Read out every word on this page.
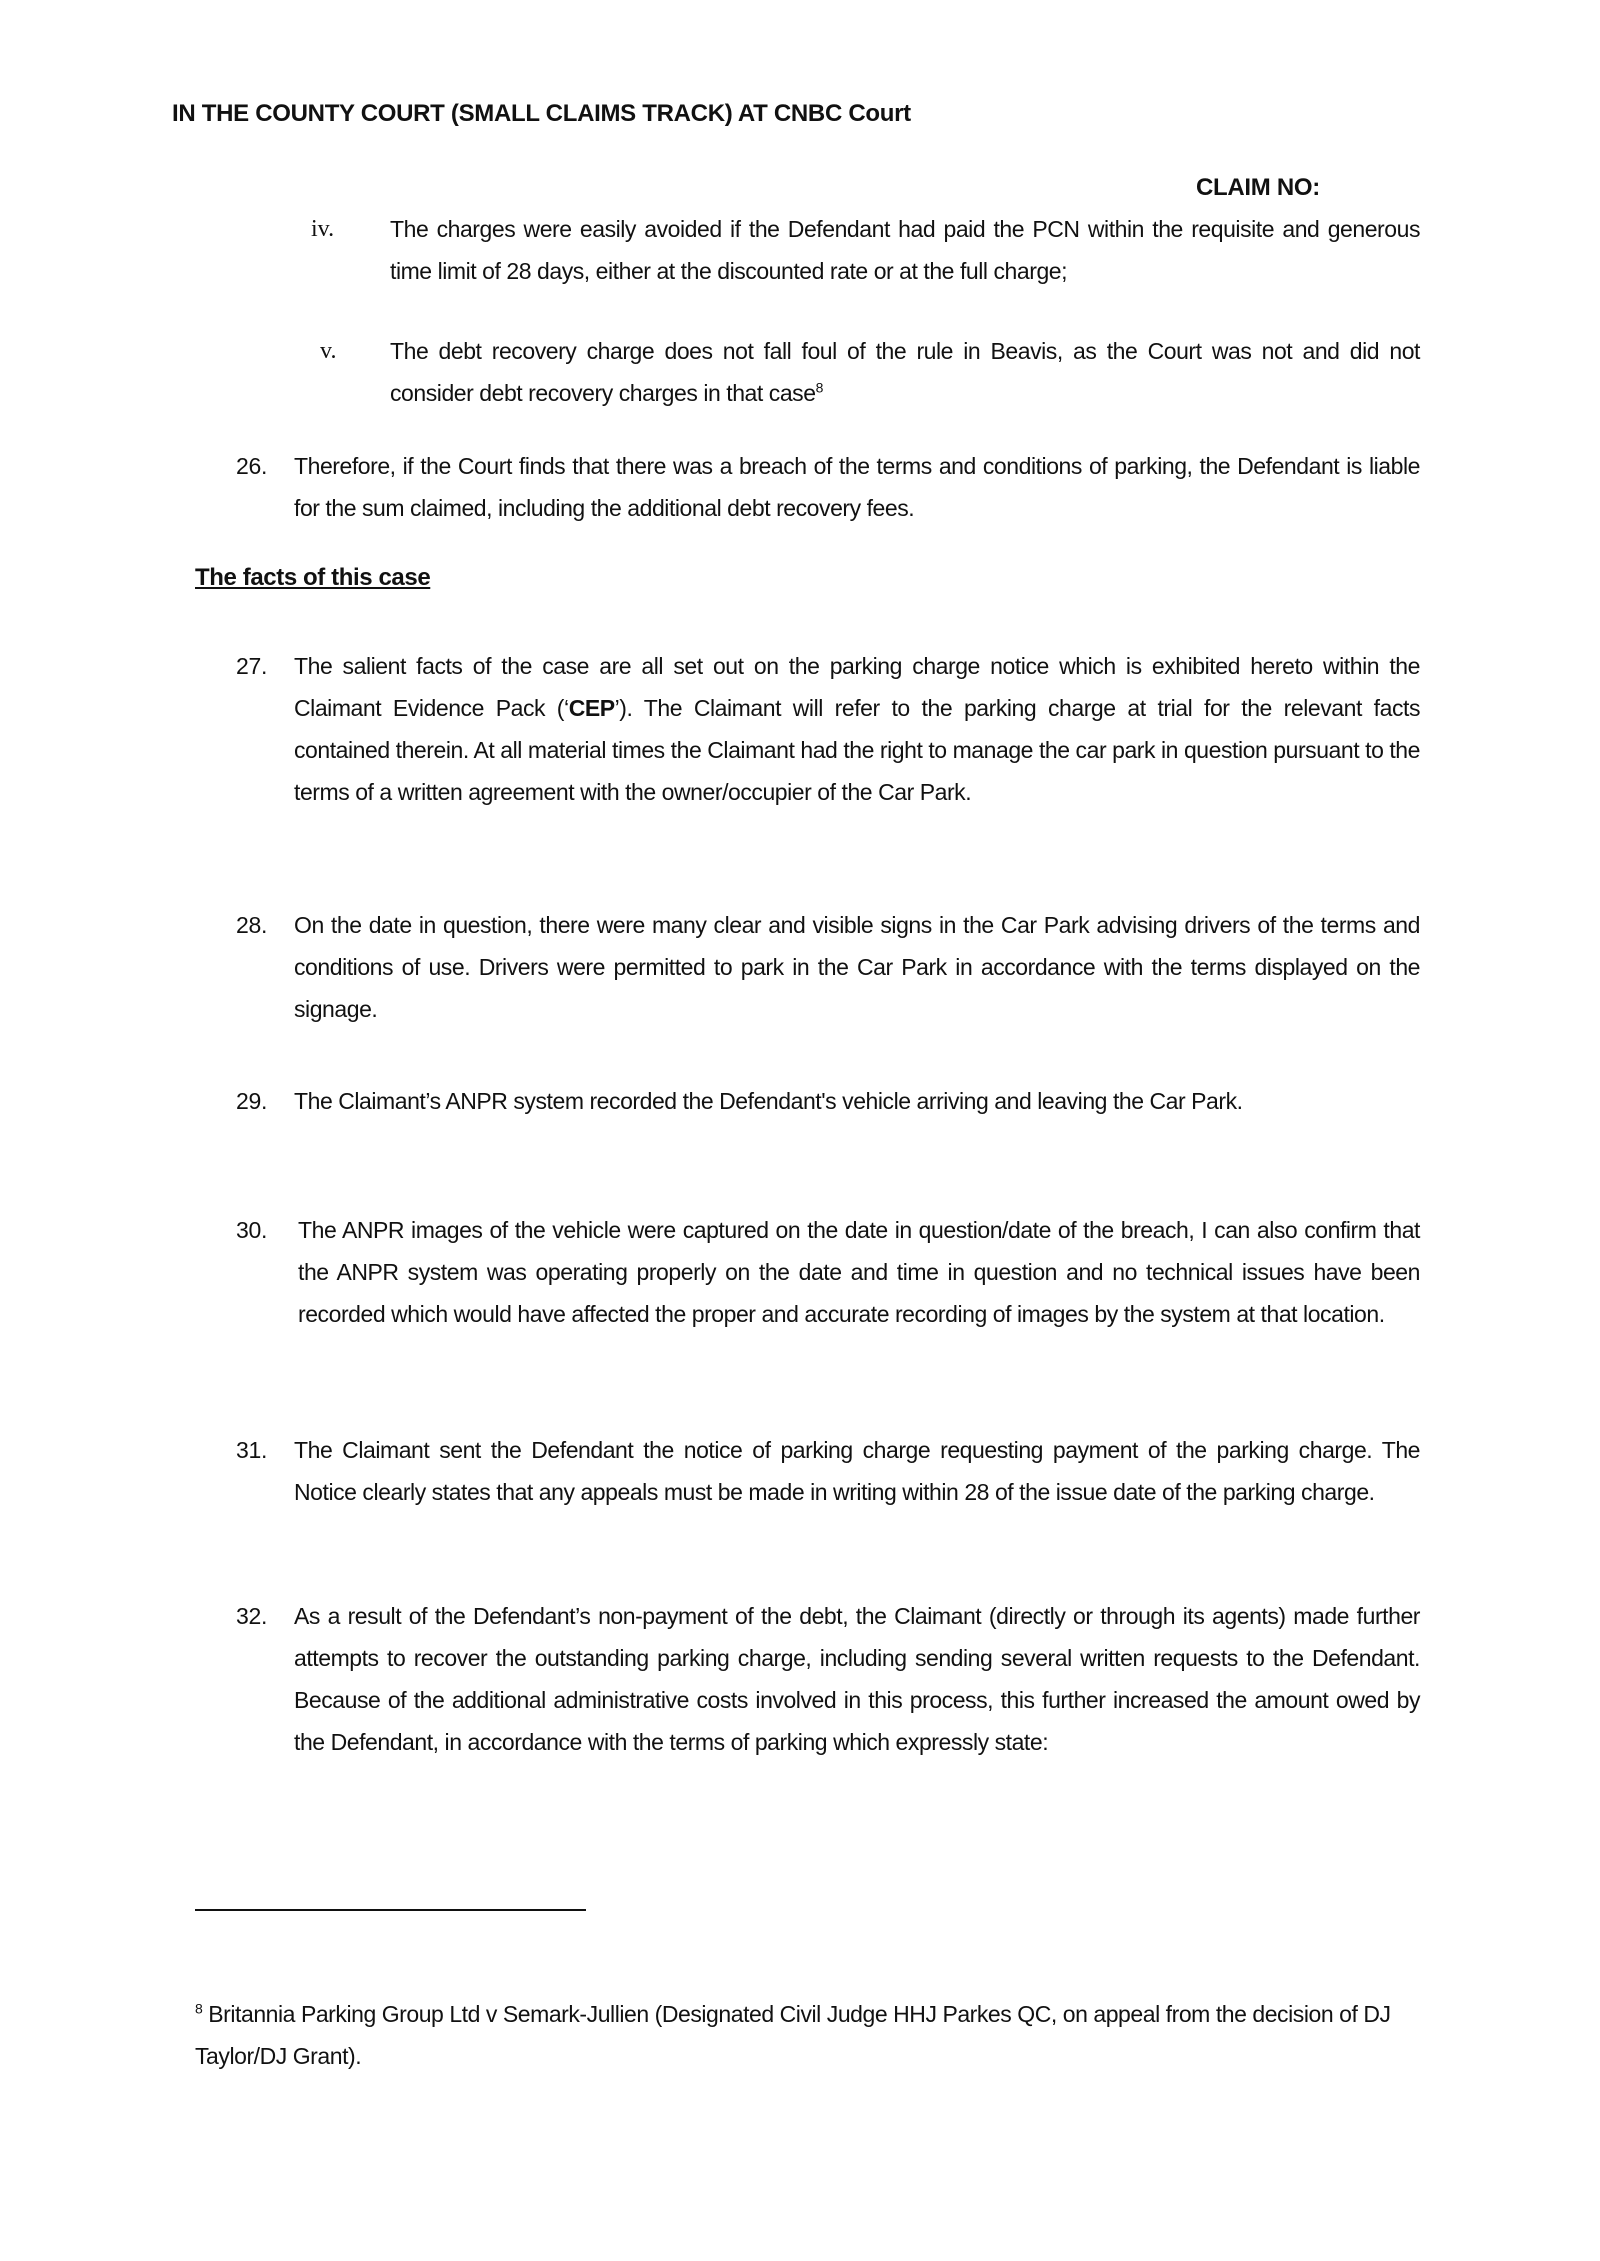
IN THE COUNTY COURT (SMALL CLAIMS TRACK) AT CNBC Court
CLAIM NO:
iv. The charges were easily avoided if the Defendant had paid the PCN within the requisite and generous time limit of 28 days, either at the discounted rate or at the full charge;
v. The debt recovery charge does not fall foul of the rule in Beavis, as the Court was not and did not consider debt recovery charges in that case$^8$
26. Therefore, if the Court finds that there was a breach of the terms and conditions of parking, the Defendant is liable for the sum claimed, including the additional debt recovery fees.
The facts of this case
27. The salient facts of the case are all set out on the parking charge notice which is exhibited hereto within the Claimant Evidence Pack (‘CEP’). The Claimant will refer to the parking charge at trial for the relevant facts contained therein. At all material times the Claimant had the right to manage the car park in question pursuant to the terms of a written agreement with the owner/occupier of the Car Park.
28. On the date in question, there were many clear and visible signs in the Car Park advising drivers of the terms and conditions of use. Drivers were permitted to park in the Car Park in accordance with the terms displayed on the signage.
29. The Claimant’s ANPR system recorded the Defendant's vehicle arriving and leaving the Car Park.
30. The ANPR images of the vehicle were captured on the date in question/date of the breach, I can also confirm that the ANPR system was operating properly on the date and time in question and no technical issues have been recorded which would have affected the proper and accurate recording of images by the system at that location.
31. The Claimant sent the Defendant the notice of parking charge requesting payment of the parking charge. The Notice clearly states that any appeals must be made in writing within 28 of the issue date of the parking charge.
32. As a result of the Defendant’s non-payment of the debt, the Claimant (directly or through its agents) made further attempts to recover the outstanding parking charge, including sending several written requests to the Defendant. Because of the additional administrative costs involved in this process, this further increased the amount owed by the Defendant, in accordance with the terms of parking which expressly state:
$^8$ Britannia Parking Group Ltd v Semark-Jullien (Designated Civil Judge HHJ Parkes QC, on appeal from the decision of DJ Taylor/DJ Grant).
